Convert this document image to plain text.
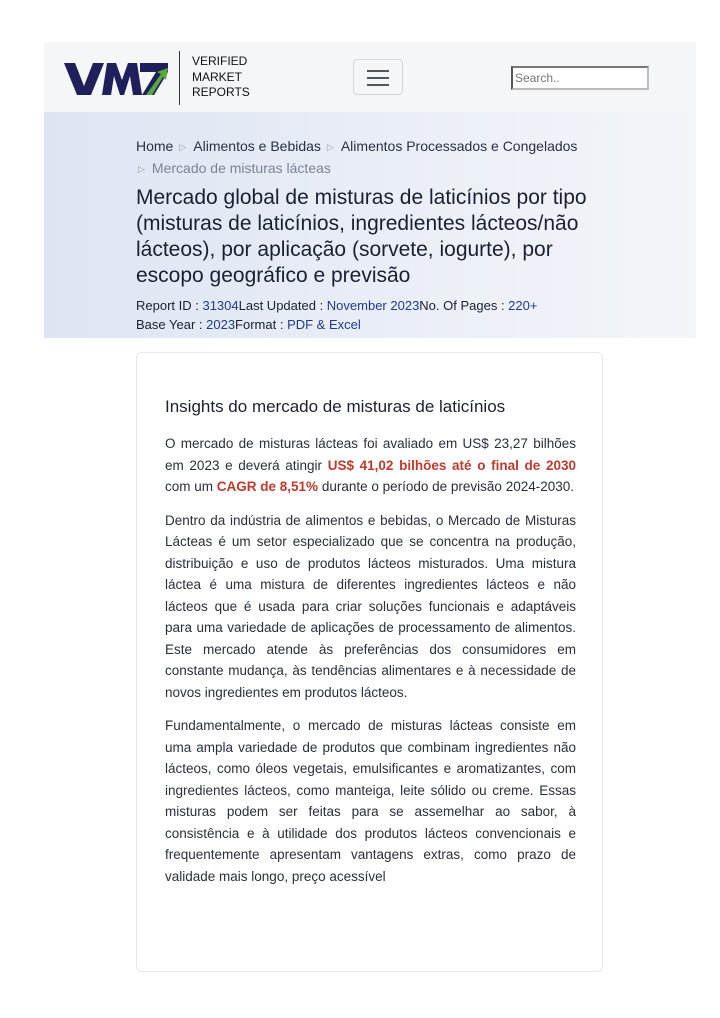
VERIFIED
MARKET
REPORTS
Search..
Home ▷ Alimentos e Bebidas ▷ Alimentos Processados e Congelados
▷ Mercado de misturas lácteas
Mercado global de misturas de laticínios por tipo (misturas de laticínios, ingredientes lácteos/não lácteos), por aplicação (sorvete, iogurte), por escopo geográfico e previsão
Report ID : 31304Last Updated : November 2023No. Of Pages : 220+
Base Year : 2023Format : PDF & Excel
Insights do mercado de misturas de laticínios

O mercado de misturas lácteas foi avaliado em US$ 23,27 bilhões em 2023 e deverá atingir US$ 41,02 bilhões até o final de 2030 com um CAGR de 8,51% durante o período de previsão 2024-2030.

Dentro da indústria de alimentos e bebidas, o Mercado de Misturas Lácteas é um setor especializado que se concentra na produção, distribuição e uso de produtos lácteos misturados. Uma mistura láctea é uma mistura de diferentes ingredientes lácteos e não lácteos que é usada para criar soluções funcionais e adaptáveis para uma variedade de aplicações de processamento de alimentos. Este mercado atende às preferências dos consumidores em constante mudança, às tendências alimentares e à necessidade de novos ingredientes em produtos lácteos.

Fundamentalmente, o mercado de misturas lácteas consiste em uma ampla variedade de produtos que combinam ingredientes não lácteos, como óleos vegetais, emulsificantes e aromatizantes, com ingredientes lácteos, como manteiga, leite sólido ou creme. Essas misturas podem ser feitas para se assemelhar ao sabor, à consistência e à utilidade dos produtos lácteos convencionais e frequentemente apresentam vantagens extras, como prazo de validade mais longo, preço acessível
